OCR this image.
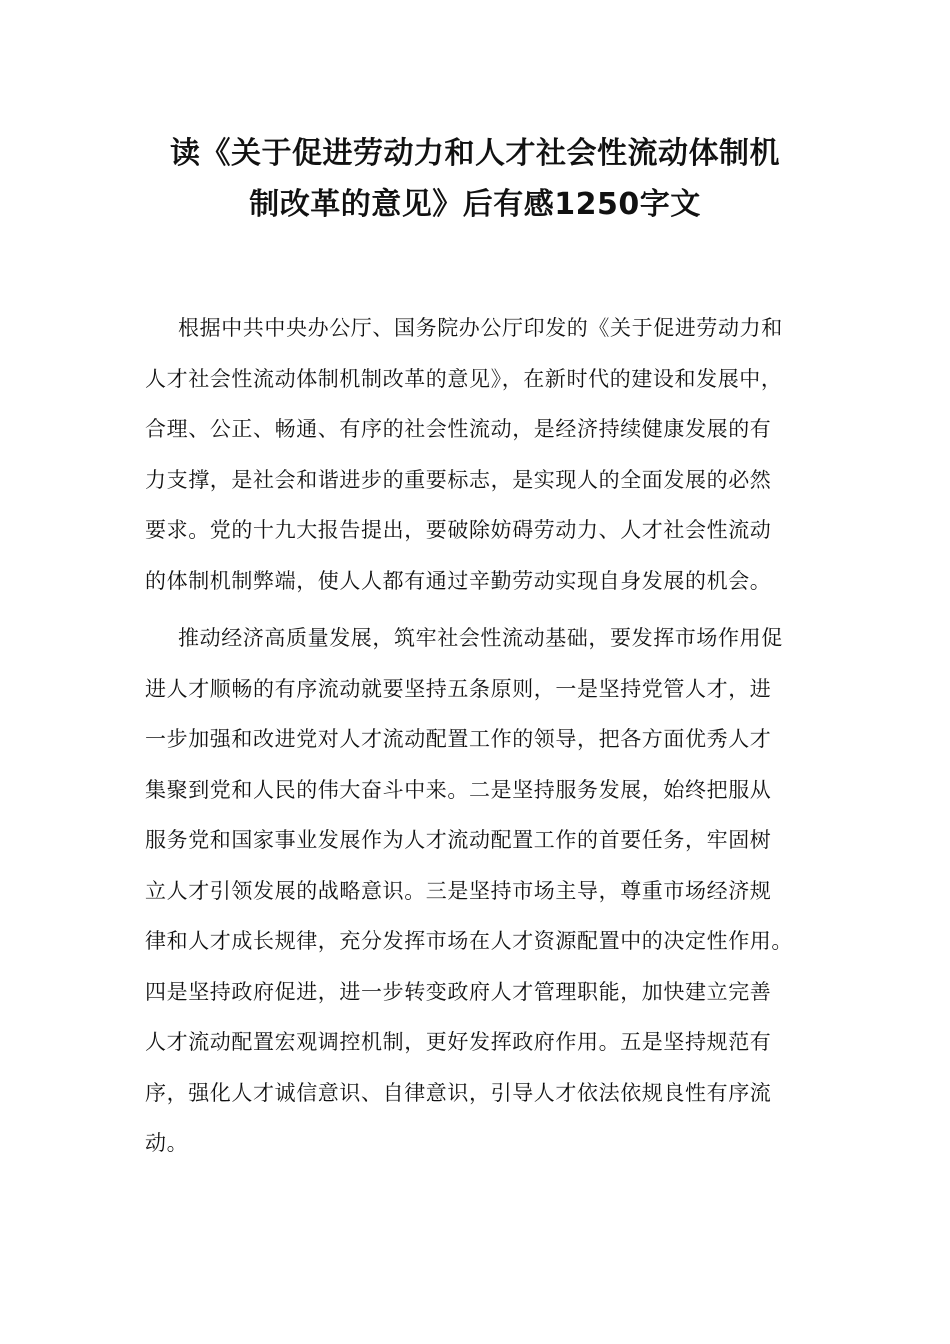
读《关于促进劳动力和人才社会性流动体制机
制改革的意见》后有感1250字文

根据中共中央办公厅、国务院办公厅印发的《关于促进劳动力和
人才社会性流动体制机制改革的意见》，在新时代的建设和发展中，
合理、公正、畅通、有序的社会性流动，是经济持续健康发展的有
力支撑，是社会和谐进步的重要标志，是实现人的全面发展的必然
要求。党的十九大报告提出，要破除妨碍劳动力、人才社会性流动
的体制机制弊端，使人人都有通过辛勤劳动实现自身发展的机会。

推动经济高质量发展，筑牢社会性流动基础，要发挥市场作用促
进人才顺畅的有序流动就要坚持五条原则，一是坚持党管人才，进
一步加强和改进党对人才流动配置工作的领导，把各方面优秀人才
集聚到党和人民的伟大奋斗中来。二是坚持服务发展，始终把服从
服务党和国家事业发展作为人才流动配置工作的首要任务，牢固树
立人才引领发展的战略意识。三是坚持市场主导，尊重市场经济规
律和人才成长规律，充分发挥市场在人才资源配置中的决定性作用。
四是坚持政府促进，进一步转变政府人才管理职能，加快建立完善
人才流动配置宏观调控机制，更好发挥政府作用。五是坚持规范有
序，强化人才诚信意识、自律意识，引导人才依法依规良性有序流
动。
